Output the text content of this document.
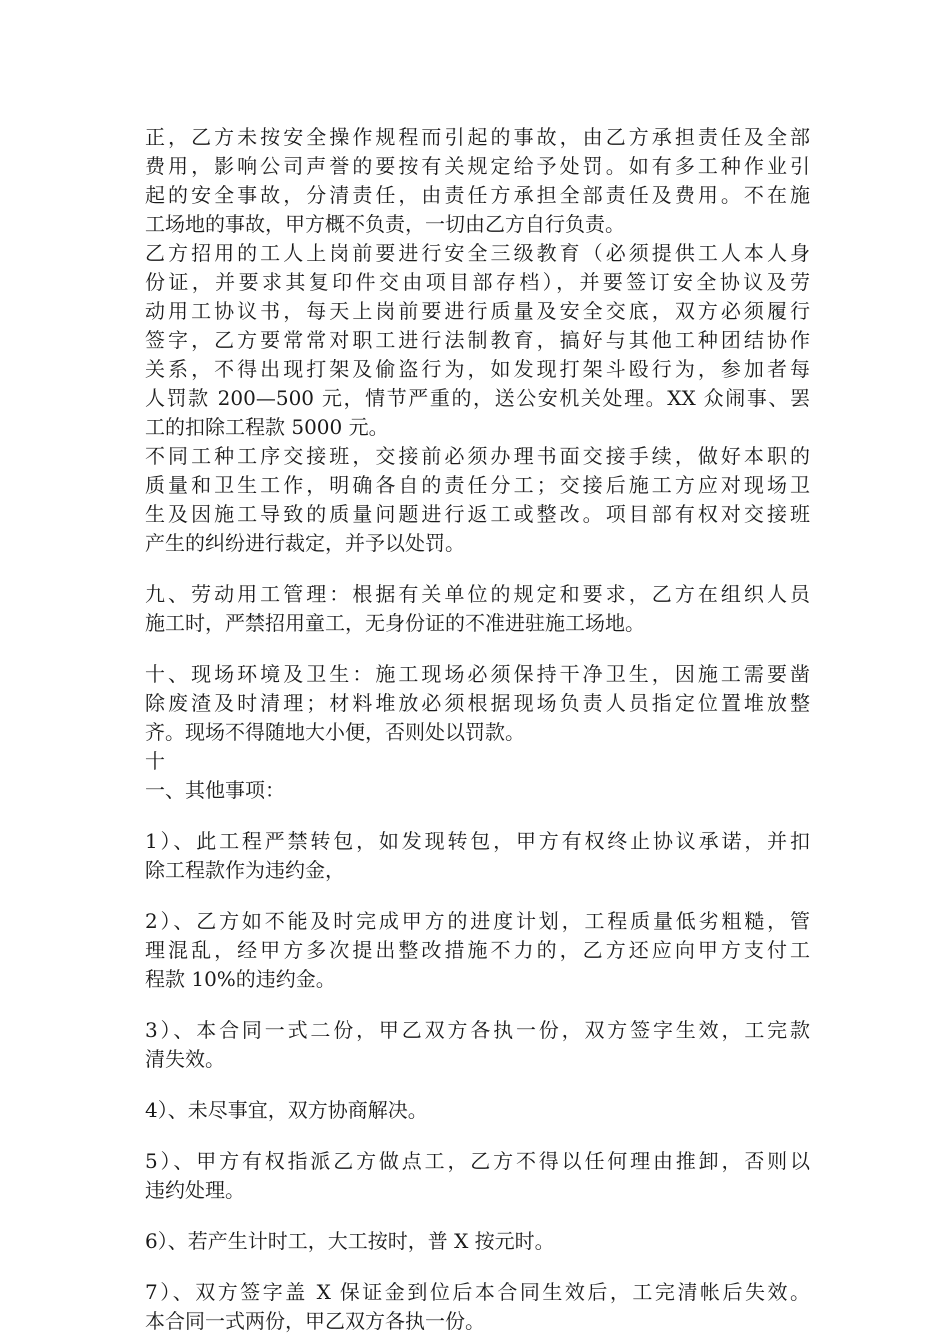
正，乙方未按安全操作规程而引起的事故，由乙方承担责任及全部
费用，影响公司声誉的要按有关规定给予处罚。如有多工种作业引
起的安全事故，分清责任，由责任方承担全部责任及费用。不在施
工场地的事故，甲方概不负责，一切由乙方自行负责。
乙方招用的工人上岗前要进行安全三级教育（必须提供工人本人身
份证，并要求其复印件交由项目部存档），并要签订安全协议及劳
动用工协议书，每天上岗前要进行质量及安全交底，双方必须履行
签字，乙方要常常对职工进行法制教育，搞好与其他工种团结协作
关系，不得出现打架及偷盗行为，如发现打架斗殴行为，参加者每
人罚款 200—500 元，情节严重的，送公安机关处理。XX 众闹事、罢
工的扣除工程款 5000 元。
不同工种工序交接班，交接前必须办理书面交接手续，做好本职的
质量和卫生工作，明确各自的责任分工；交接后施工方应对现场卫
生及因施工导致的质量问题进行返工或整改。项目部有权对交接班
产生的纠纷进行裁定，并予以处罚。
九、劳动用工管理：根据有关单位的规定和要求，乙方在组织人员
施工时，严禁招用童工，无身份证的不准进驻施工场地。
十、现场环境及卫生：施工现场必须保持干净卫生，因施工需要凿
除废渣及时清理；材料堆放必须根据现场负责人员指定位置堆放整
齐。现场不得随地大小便，否则处以罚款。
十
一、其他事项：
1）、此工程严禁转包，如发现转包，甲方有权终止协议承诺，并扣
除工程款作为违约金，
2）、乙方如不能及时完成甲方的进度计划，工程质量低劣粗糙，管
理混乱，经甲方多次提出整改措施不力的，乙方还应向甲方支付工
程款 10%的违约金。
3）、本合同一式二份，甲乙双方各执一份，双方签字生效，工完款
清失效。
4）、未尽事宜，双方协商解决。
5）、甲方有权指派乙方做点工，乙方不得以任何理由推卸，否则以
违约处理。
6）、若产生计时工，大工按时，普 X 按元时。
7）、双方签字盖 X 保证金到位后本合同生效后，工完清帐后失效。
本合同一式两份，甲乙双方各执一份。
